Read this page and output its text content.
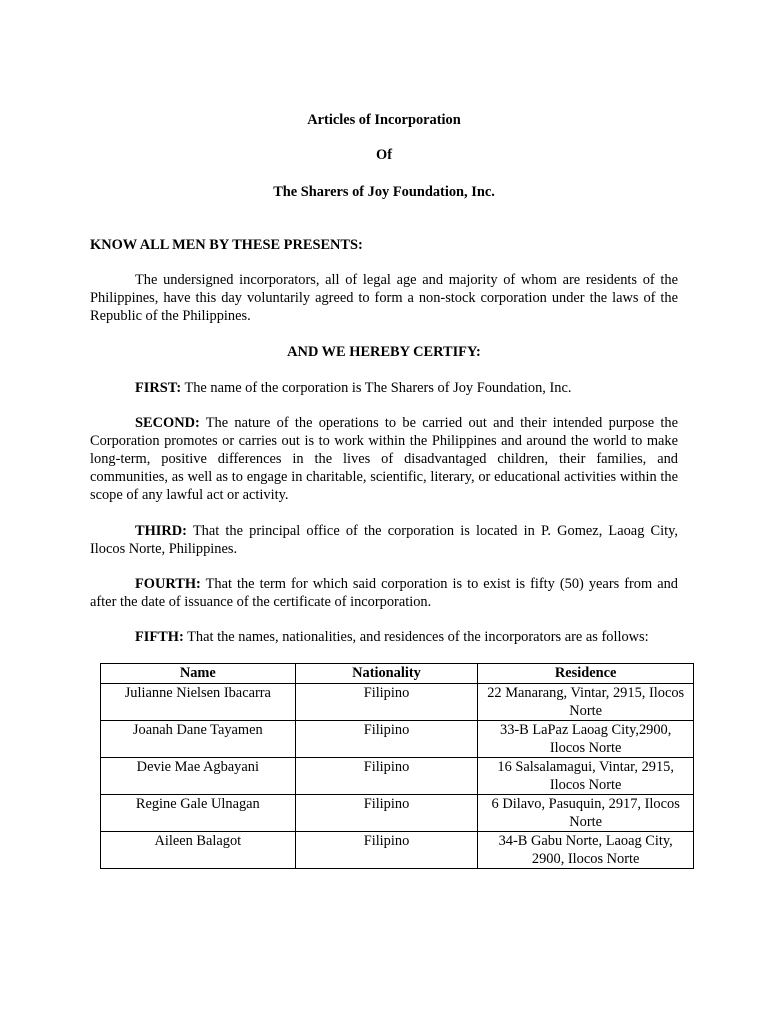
Articles of Incorporation
Of
The Sharers of Joy Foundation, Inc.
KNOW ALL MEN BY THESE PRESENTS:
The undersigned incorporators, all of legal age and majority of whom are residents of the Philippines, have this day voluntarily agreed to form a non-stock corporation under the laws of the Republic of the Philippines.
AND WE HEREBY CERTIFY:
FIRST: The name of the corporation is The Sharers of Joy Foundation, Inc.
SECOND: The nature of the operations to be carried out and their intended purpose the Corporation promotes or carries out is to work within the Philippines and around the world to make long-term, positive differences in the lives of disadvantaged children, their families, and communities, as well as to engage in charitable, scientific, literary, or educational activities within the scope of any lawful act or activity.
THIRD: That the principal office of the corporation is located in P. Gomez, Laoag City, Ilocos Norte, Philippines.
FOURTH: That the term for which said corporation is to exist is fifty (50) years from and after the date of issuance of the certificate of incorporation.
FIFTH: That the names, nationalities, and residences of the incorporators are as follows:
Name	Nationality	Residence
Julianne Nielsen Ibacarra	Filipino	22 Manarang, Vintar, 2915, Ilocos Norte
Joanah Dane Tayamen	Filipino	33-B LaPaz Laoag City,2900, Ilocos Norte
Devie Mae Agbayani	Filipino	16 Salsalamagui, Vintar, 2915, Ilocos Norte
Regine Gale Ulnagan	Filipino	6 Dilavo, Pasuquin, 2917, Ilocos Norte
Aileen Balagot	Filipino	34-B Gabu Norte, Laoag City, 2900, Ilocos Norte
